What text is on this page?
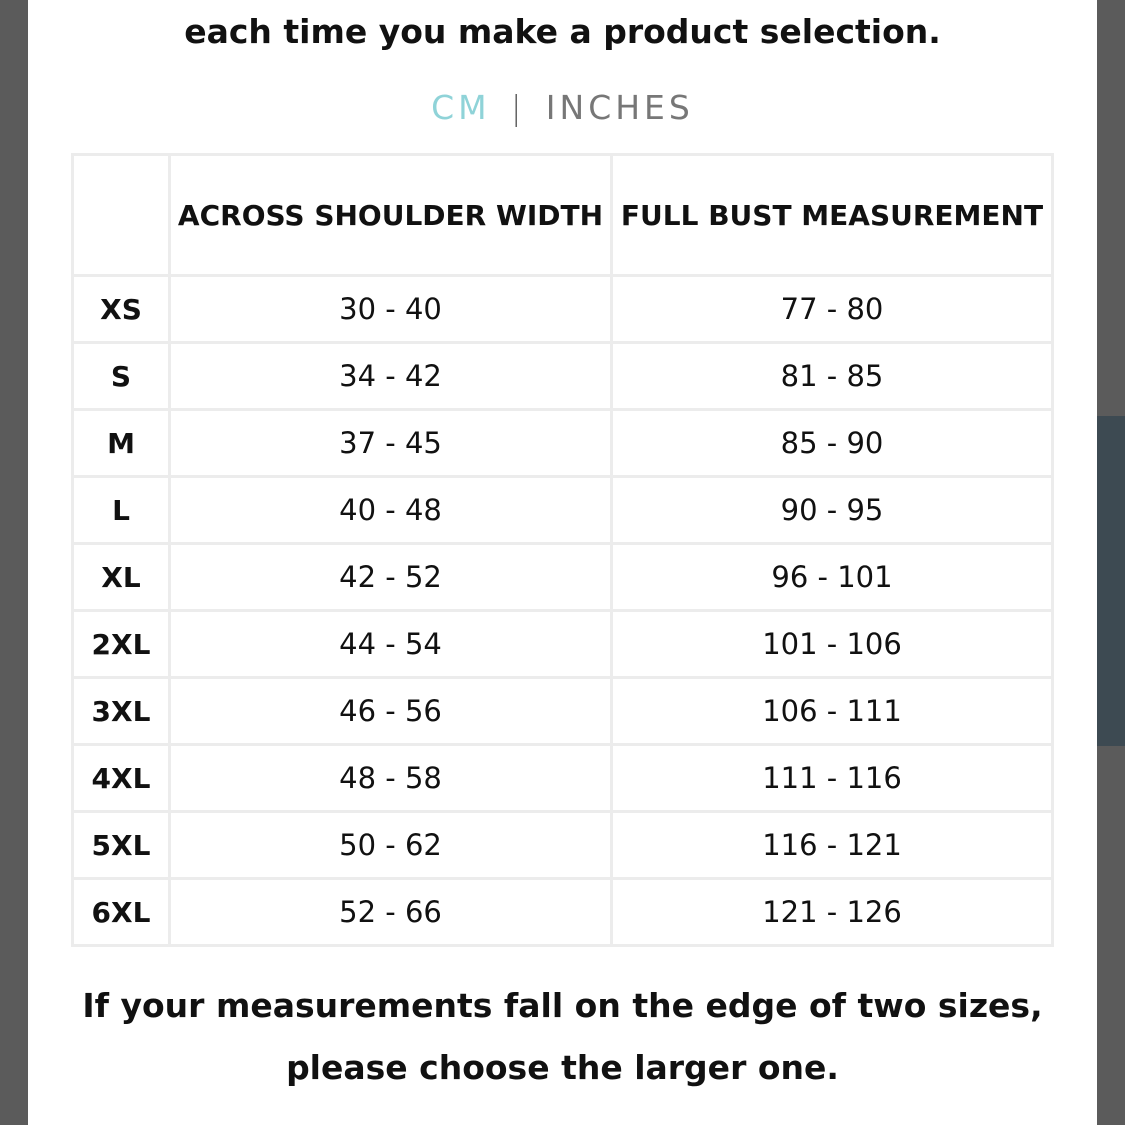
each time you make a product selection.
CM | INCHES
	ACROSS SHOULDER WIDTH	FULL BUST MEASUREMENT
XS	30 - 40	77 - 80
S	34 - 42	81 - 85
M	37 - 45	85 - 90
L	40 - 48	90 - 95
XL	42 - 52	96 - 101
2XL	44 - 54	101 - 106
3XL	46 - 56	106 - 111
4XL	48 - 58	111 - 116
5XL	50 - 62	116 - 121
6XL	52 - 66	121 - 126
If your measurements fall on the edge of two sizes,
please choose the larger one.
